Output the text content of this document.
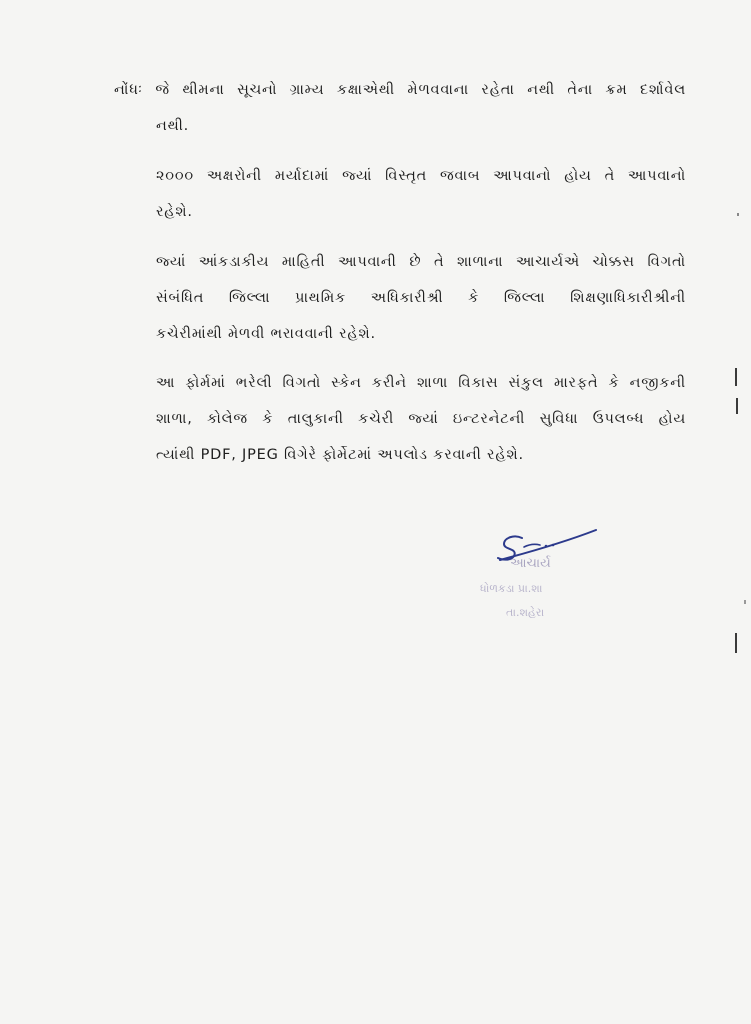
નોંધઃ જે થીમના સૂચનો ગ્રામ્ય કક્ષાએથી મેળવવાના રહેતા નથી તેના ક્રમ દર્શાવેલ
નથી.
૨૦૦૦ અક્ષરોની મર્યાદામાં જ્યાં વિસ્તૃત જવાબ આપવાનો હોય તે આપવાનો
રહેશે.
જ્યાં આંકડાકીય માહિતી આપવાની છે તે શાળાના આચાર્યએ ચોક્કસ વિગતો
સંબંધિત જિલ્લા પ્રાથમિક અધિકારીશ્રી કે જિલ્લા શિક્ષણાધિકારીશ્રીની
કચેરીમાંથી મેળવી ભરાવવાની રહેશે.
આ ફોર્મમાં ભરેલી વિગતો સ્કેન કરીને શાળા વિકાસ સંકુલ મારફતે કે નજીકની
શાળા, કોલેજ કે તાલુકાની કચેરી જ્યાં ઇન્ટરનેટની સુવિધા ઉપલબ્ધ હોય
ત્યાંથી PDF, JPEG વિગેરે ફોર્મેટમાં અપલોડ કરવાની રહેશે.
આચાર્ય
ધોળકડા પ્રા.શા
તા.શહેરા
